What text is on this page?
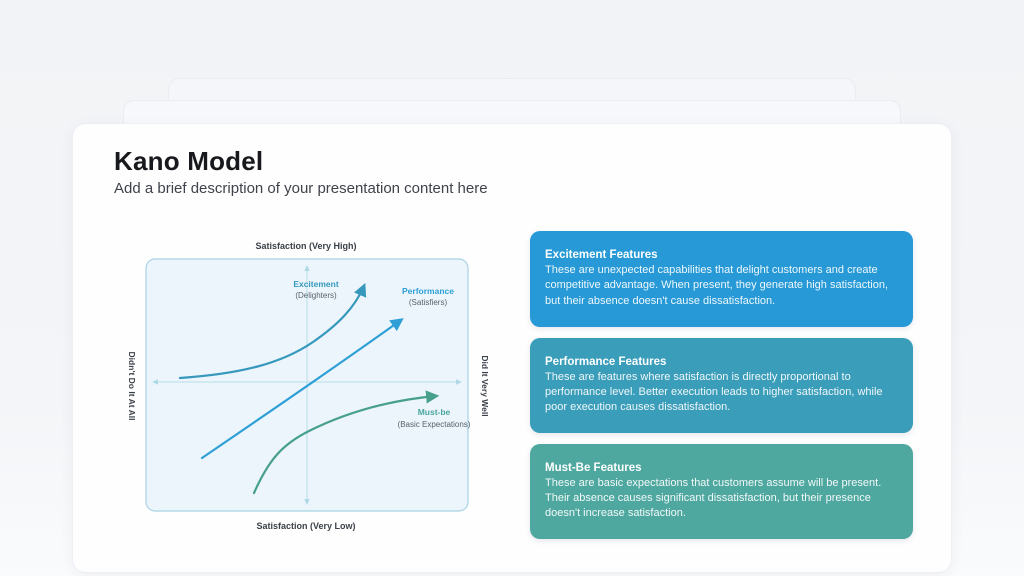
Kano Model
Add a brief description of your presentation content here
Satisfaction (Very High)
Excitement
(Delighters)	Performance
(Satisfiers)
Must-be
(Basic Expectations)
Satisfaction (Very Low)
Didn't Do It At All	Did It Very Well
Excitement Features

These are unexpected capabilities that delight customers and create competitive advantage. When present, they generate high satisfaction, but their absence doesn't cause dissatisfaction.

Performance Features

These are features where satisfaction is directly proportional to performance level. Better execution leads to higher satisfaction, while poor execution causes dissatisfaction.

Must-Be Features

These are basic expectations that customers assume will be present. Their absence causes significant dissatisfaction, but their presence doesn't increase satisfaction.
